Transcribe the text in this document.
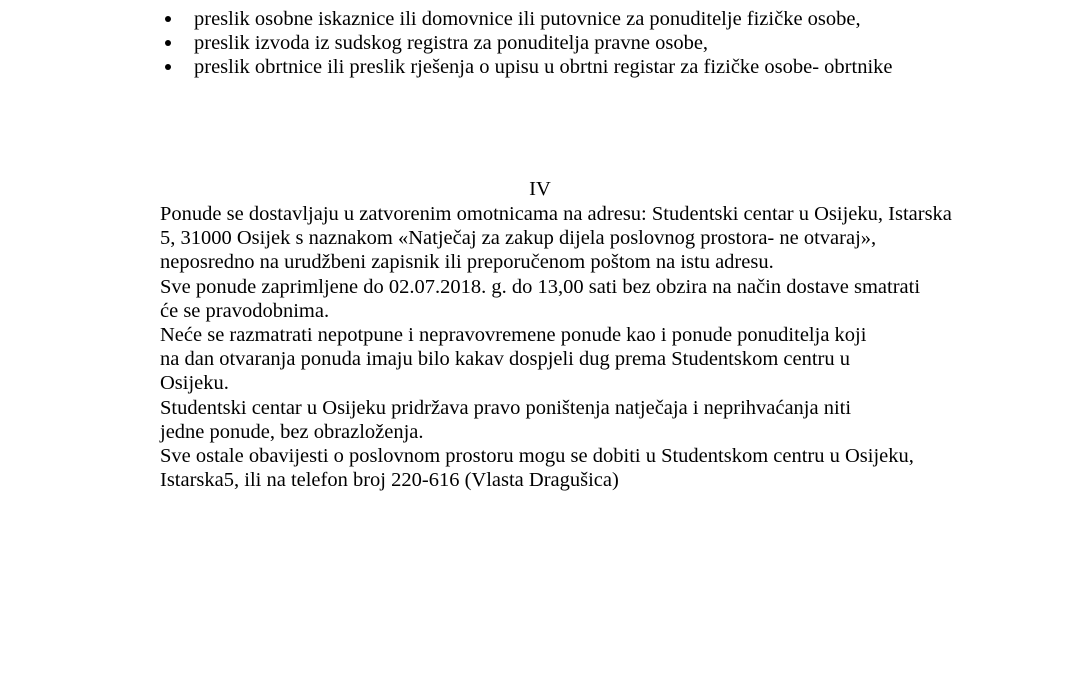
preslik osobne iskaznice ili domovnice ili putovnice za ponuditelje fizičke osobe,
preslik izvoda iz sudskog registra za ponuditelja pravne osobe,
preslik obrtnice ili preslik rješenja o upisu u obrtni registar za fizičke osobe- obrtnike
IV

Ponude se dostavljaju u zatvorenim omotnicama na adresu: Studentski centar u Osijeku, Istarska 5, 31000 Osijek s naznakom «Natječaj za zakup dijela poslovnog prostora- ne otvaraj», neposredno na urudžbeni zapisnik ili preporučenom poštom na istu adresu.

Sve ponude zaprimljene do 02.07.2018. g. do 13,00 sati bez obzira na način dostave smatrati će se pravodobnima.

Neće se razmatrati nepotpune i nepravovremene ponude kao i ponude ponuditelja koji na dan otvaranja ponuda imaju bilo kakav dospjeli dug prema Studentskom centru u Osijeku.

Studentski centar u Osijeku pridržava pravo poništenja natječaja i neprihvaćanja niti jedne ponude, bez obrazloženja.

Sve ostale obavijesti o poslovnom prostoru mogu se dobiti u Studentskom centru u Osijeku, Istarska5, ili na telefon broj 220-616 (Vlasta Dragušica)
